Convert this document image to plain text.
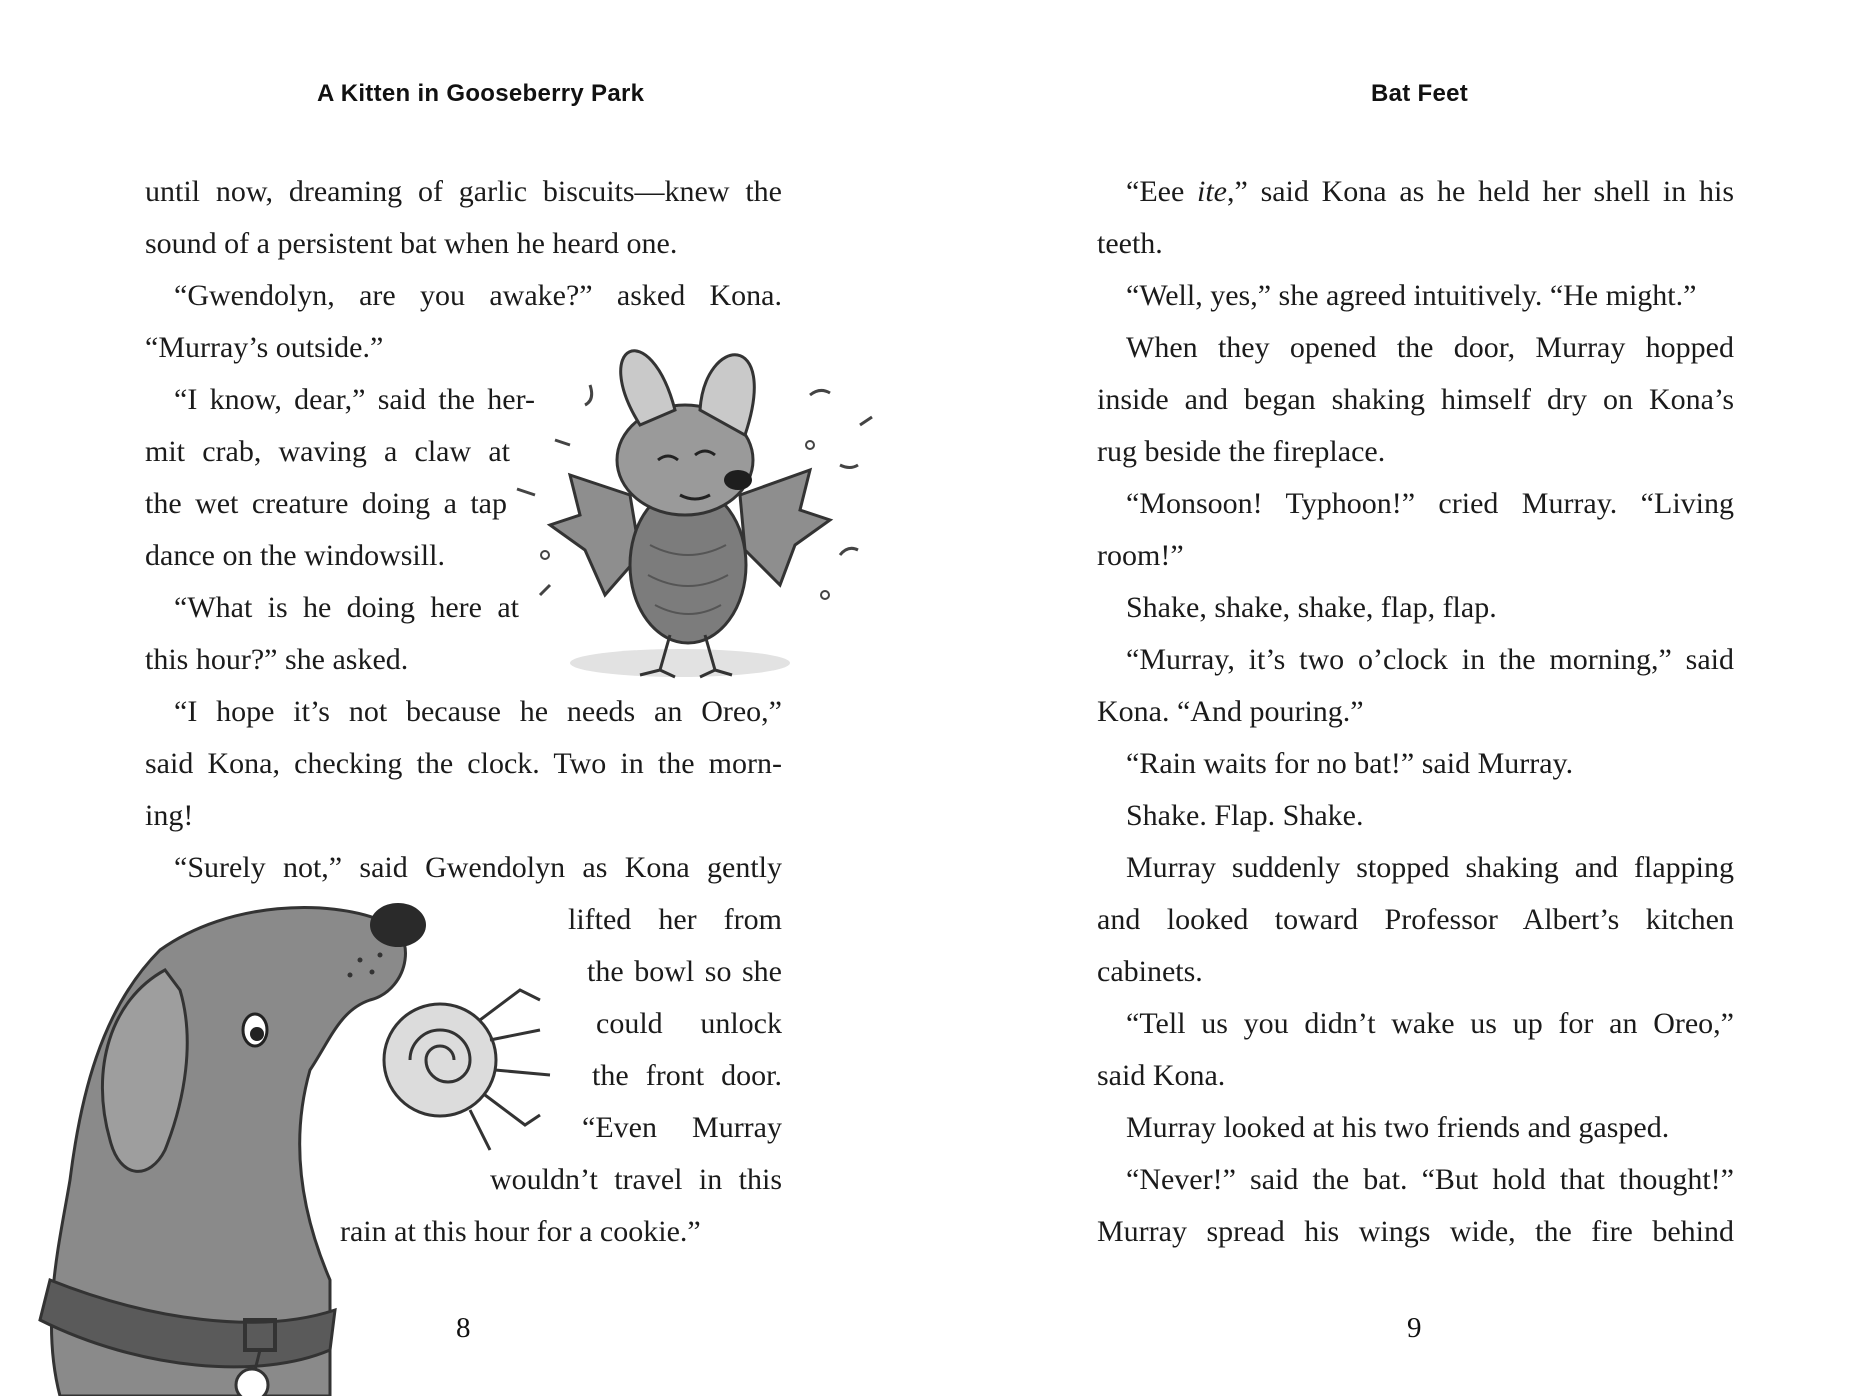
A Kitten in Gooseberry Park
until now, dreaming of garlic biscuits—knew the
sound of a persistent bat when he heard one.
“Gwendolyn, are you awake?” asked Kona.
“Murray’s outside.”
“I know, dear,” said the her-
mit crab, waving a claw at
the wet creature doing a tap
dance on the windowsill.
“What is he doing here at
this hour?” she asked.
“I hope it’s not because he needs an Oreo,”
said Kona, checking the clock. Two in the morn-
ing!
“Surely not,” said Gwendolyn as Kona gently
lifted her from
the bowl so she
could unlock
the front door.
“Even Murray
wouldn’t travel in this
rain at this hour for a cookie.”
8
Bat Feet
“Eee ite,” said Kona as he held her shell in his
teeth.
“Well, yes,” she agreed intuitively. “He might.”
When they opened the door, Murray hopped
inside and began shaking himself dry on Kona’s
rug beside the fireplace.
“Monsoon! Typhoon!” cried Murray. “Living
room!”
Shake, shake, shake, flap, flap.
“Murray, it’s two o’clock in the morning,” said
Kona. “And pouring.”
“Rain waits for no bat!” said Murray.
Shake. Flap. Shake.
Murray suddenly stopped shaking and flapping
and looked toward Professor Albert’s kitchen
cabinets.
“Tell us you didn’t wake us up for an Oreo,”
said Kona.
Murray looked at his two friends and gasped.
“Never!” said the bat. “But hold that thought!”
Murray spread his wings wide, the fire behind
9
